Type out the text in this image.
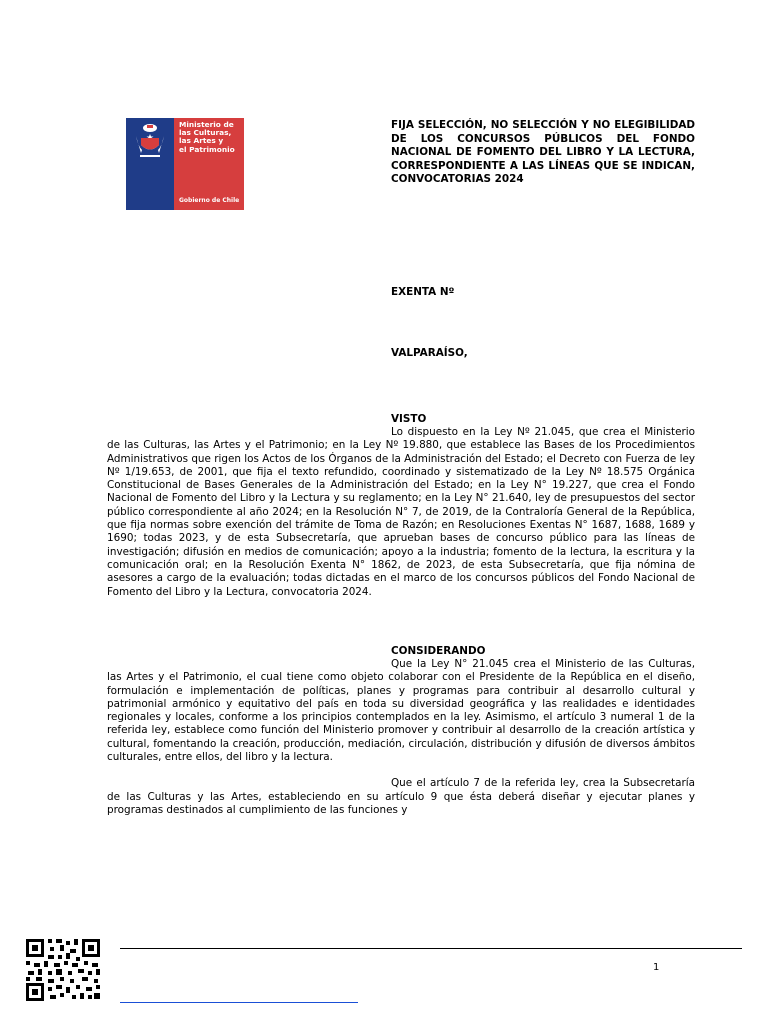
Ministerio de
las Culturas,
las Artes y
el Patrimonio
Gobierno de Chile
FIJA SELECCIÓN, NO SELECCIÓN Y NO ELEGIBILIDAD DE LOS CONCURSOS PÚBLICOS DEL FONDO NACIONAL DE FOMENTO DEL LIBRO Y LA LECTURA, CORRESPONDIENTE A LAS LÍNEAS QUE SE INDICAN, CONVOCATORIAS 2024
EXENTA Nº
VALPARAÍSO,
VISTO

Lo dispuesto en la Ley Nº 21.045, que crea el Ministerio de las Culturas, las Artes y el Patrimonio; en la Ley Nº 19.880, que establece las Bases de los Procedimientos Administrativos que rigen los Actos de los Órganos de la Administración del Estado; el Decreto con Fuerza de ley Nº 1/19.653, de 2001, que fija el texto refundido, coordinado y sistematizado de la Ley Nº 18.575 Orgánica Constitucional de Bases Generales de la Administración del Estado; en la Ley N° 19.227, que crea el Fondo Nacional de Fomento del Libro y la Lectura y su reglamento; en la Ley N° 21.640, ley de presupuestos del sector público correspondiente al año 2024; en la Resolución N° 7, de 2019, de la Contraloría General de la República, que fija normas sobre exención del trámite de Toma de Razón; en Resoluciones Exentas N° 1687, 1688, 1689 y 1690; todas 2023, y de esta Subsecretaría, que aprueban bases de concurso público para las líneas de investigación; difusión en medios de comunicación; apoyo a la industria; fomento de la lectura, la escritura y la comunicación oral; en la Resolución Exenta N° 1862, de 2023, de esta Subsecretaría, que fija nómina de asesores a cargo de la evaluación; todas dictadas en el marco de los concursos públicos del Fondo Nacional de Fomento del Libro y la Lectura, convocatoria 2024.

CONSIDERANDO

Que la Ley N° 21.045 crea el Ministerio de las Culturas, las Artes y el Patrimonio, el cual tiene como objeto colaborar con el Presidente de la República en el diseño, formulación e implementación de políticas, planes y programas para contribuir al desarrollo cultural y patrimonial armónico y equitativo del país en toda su diversidad geográfica y las realidades e identidades regionales y locales, conforme a los principios contemplados en la ley. Asimismo, el artículo 3 numeral 1 de la referida ley, establece como función del Ministerio promover y contribuir al desarrollo de la creación artística y cultural, fomentando la creación, producción, mediación, circulación, distribución y difusión de diversos ámbitos culturales, entre ellos, del libro y la lectura.

Que el artículo 7 de la referida ley, crea la Subsecretaría de las Culturas y las Artes, estableciendo en su artículo 9 que ésta deberá diseñar y ejecutar planes y programas destinados al cumplimiento de las funciones y

1
